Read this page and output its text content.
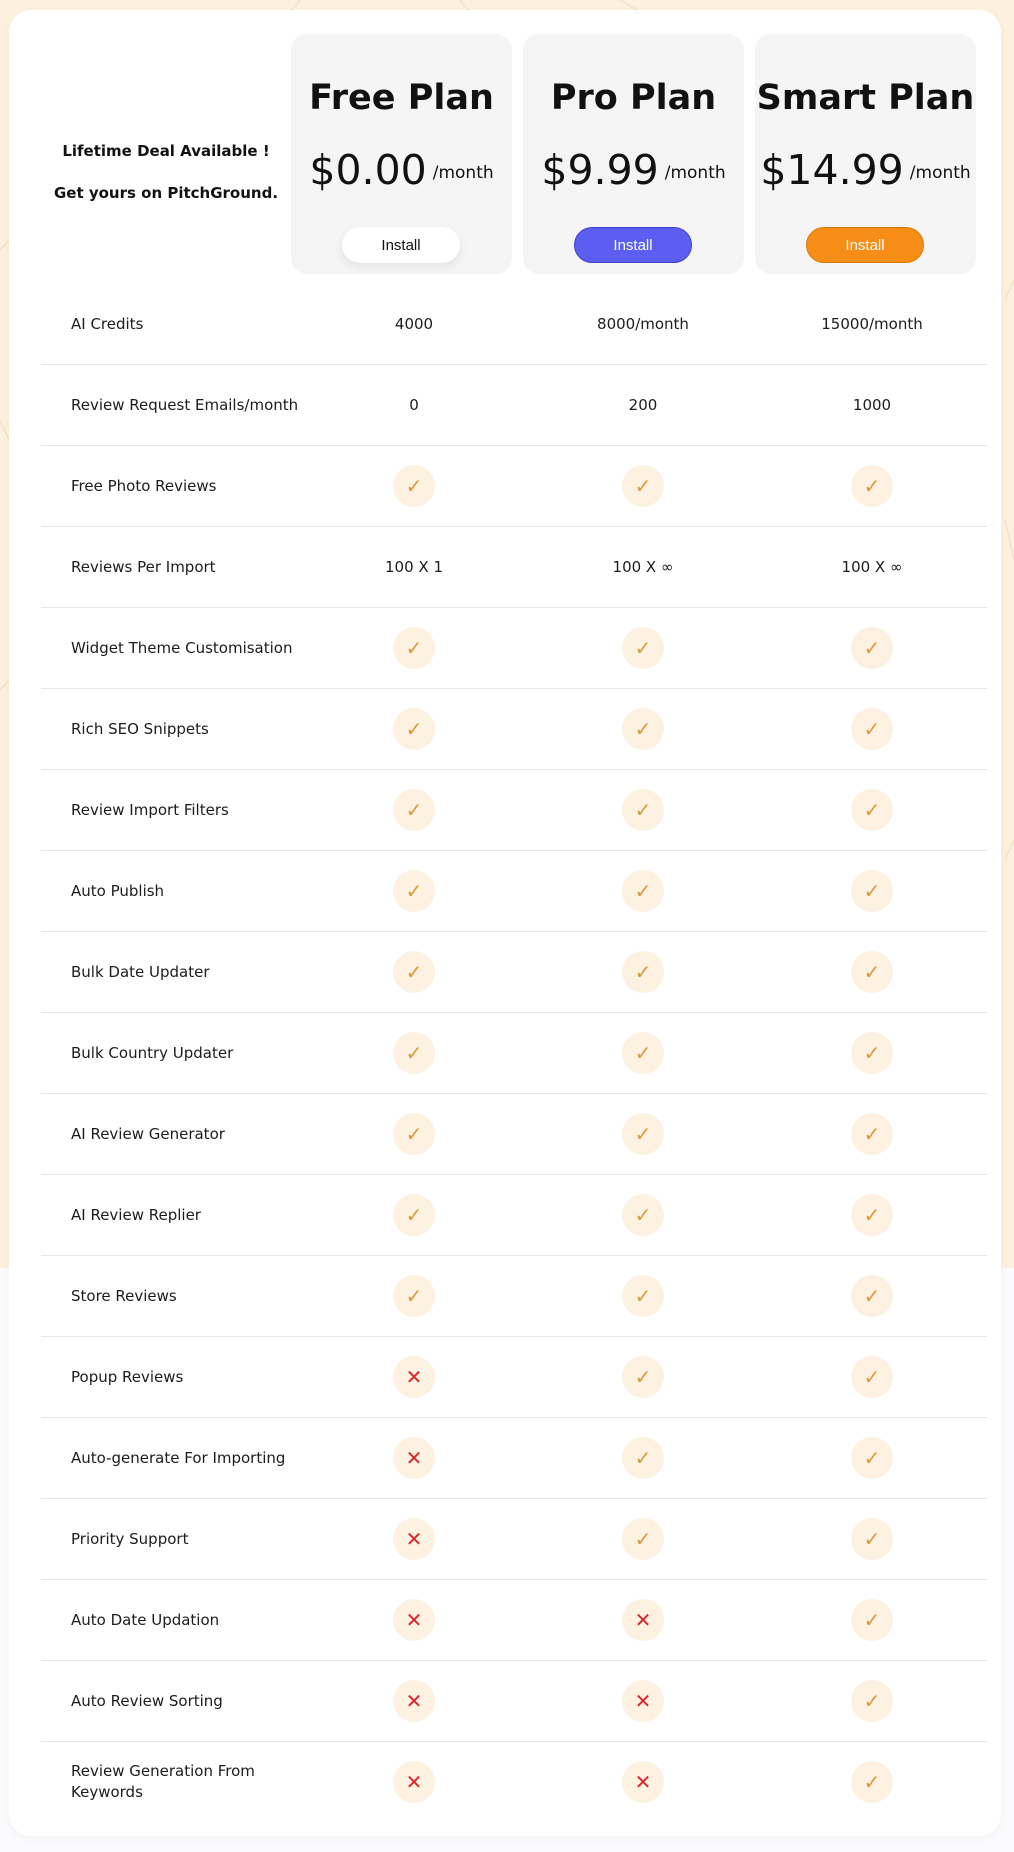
Lifetime Deal Available !
Get yours on PitchGround.
Free Plan
$0.00 /month
Install
Pro Plan
$9.99 /month
Install
Smart Plan
$14.99 /month
Install
AI Credits	4000	8000/month	15000/month
Review Request Emails/month	0	200	1000
Free Photo Reviews	✓	✓	✓
Reviews Per Import	100 X 1	100 X ∞	100 X ∞
Widget Theme Customisation	✓	✓	✓
Rich SEO Snippets	✓	✓	✓
Review Import Filters	✓	✓	✓
Auto Publish	✓	✓	✓
Bulk Date Updater	✓	✓	✓
Bulk Country Updater	✓	✓	✓
AI Review Generator	✓	✓	✓
AI Review Replier	✓	✓	✓
Store Reviews	✓	✓	✓
Popup Reviews	✕	✓	✓
Auto-generate For Importing	✕	✓	✓
Priority Support	✕	✓	✓
Auto Date Updation	✕	✕	✓
Auto Review Sorting	✕	✕	✓
Review Generation From Keywords	✕	✕	✓
